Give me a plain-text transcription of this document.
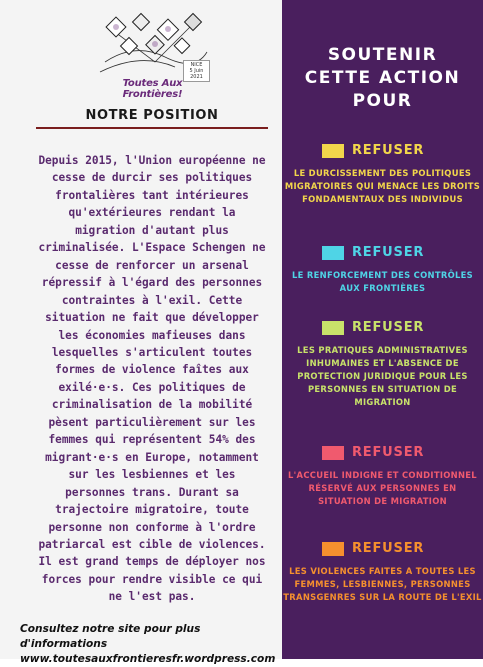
NICE
5 Juin 2021
Toutes Aux Frontières!
NOTRE POSITION
Depuis 2015, l'Union européenne ne cesse de durcir ses politiques frontalières tant intérieures qu'extérieures rendant la migration d'autant plus criminalisée. L'Espace Schengen ne cesse de renforcer un arsenal répressif à l'égard des personnes contraintes à l'exil. Cette situation ne fait que développer les économies mafieuses dans lesquelles s'articulent toutes formes de violence faîtes aux exilé·e·s. Ces politiques de criminalisation de la mobilité pèsent particulièrement sur les femmes qui représentent 54% des migrant·e·s en Europe, notamment sur les lesbiennes et les personnes trans. Durant sa trajectoire migratoire, toute personne non conforme à l'ordre patriarcal est cible de violences. Il est grand temps de déployer nos forces pour rendre visible ce qui ne l'est pas.
Consultez notre site pour plus d'informations
www.toutesauxfrontieresfr.wordpress.com
SOUTENIR
CETTE ACTION
POUR
REFUSER
LE DURCISSEMENT DES POLITIQUES MIGRATOIRES QUI MENACE LES DROITS FONDAMENTAUX DES INDIVIDUS
REFUSER
LE RENFORCEMENT DES CONTRÔLES AUX FRONTIÈRES
REFUSER
LES PRATIQUES ADMINISTRATIVES INHUMAINES ET L'ABSENCE DE PROTECTION JURIDIQUE POUR LES PERSONNES EN SITUATION DE MIGRATION
REFUSER
L'ACCUEIL INDIGNE ET CONDITIONNEL RÉSERVÉ AUX PERSONNES EN SITUATION DE MIGRATION
REFUSER
LES VIOLENCES FAITES A TOUTES LES FEMMES, LESBIENNES, PERSONNES TRANSGENRES SUR LA ROUTE DE L'EXIL
